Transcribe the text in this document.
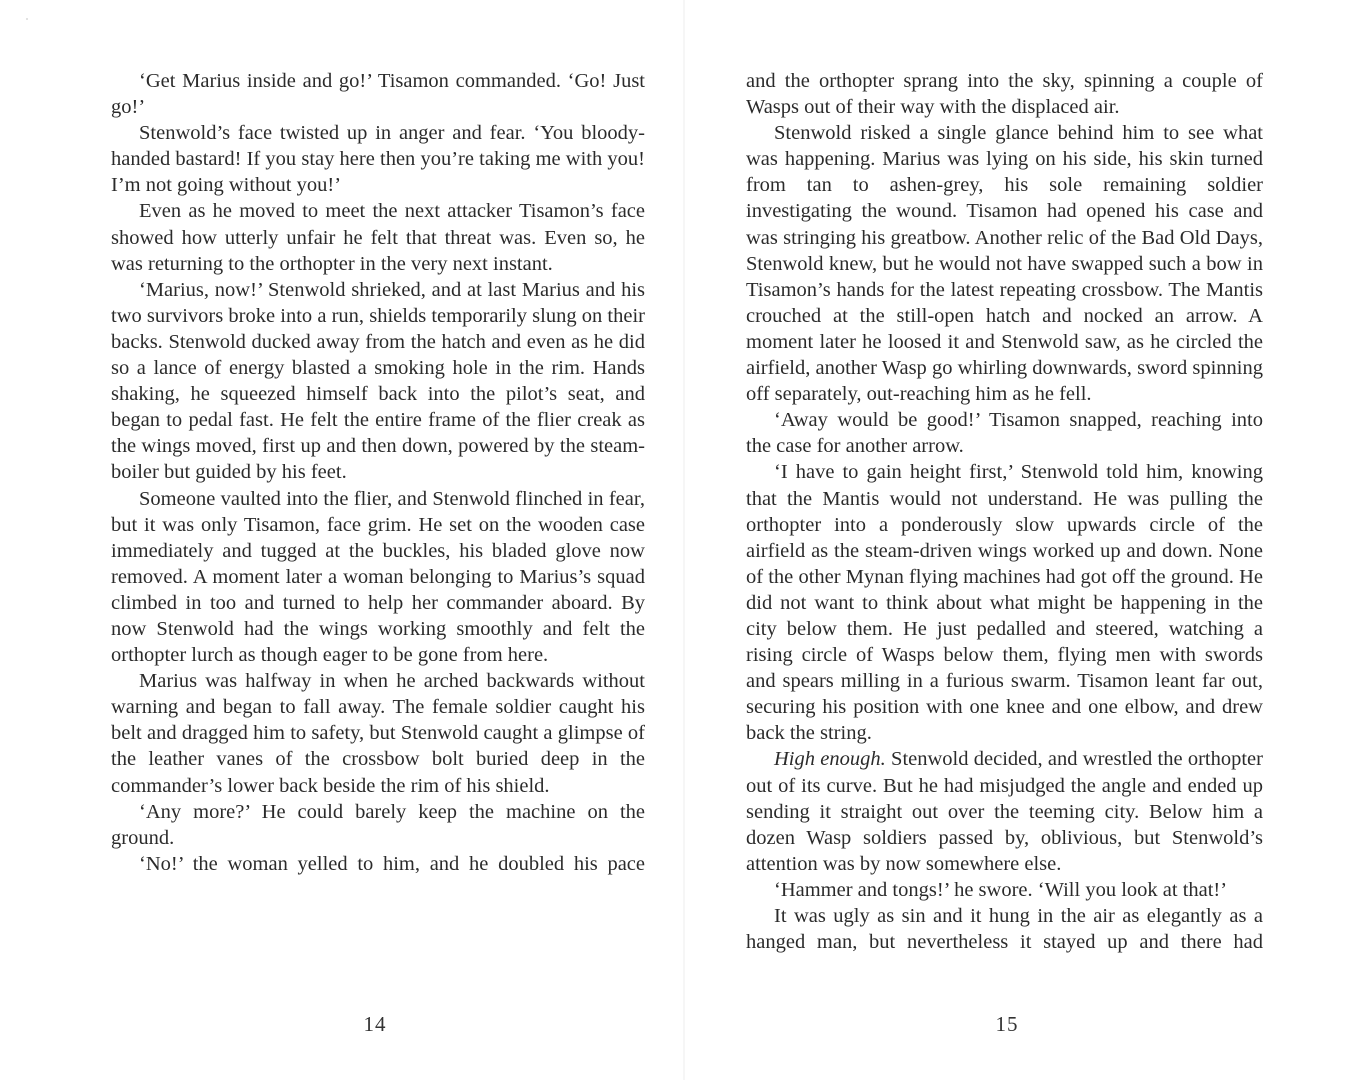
‘Get Marius inside and go!’ Tisamon commanded. ‘Go! Just go!’

Stenwold’s face twisted up in anger and fear. ‘You bloody-handed bastard! If you stay here then you’re taking me with you! I’m not going without you!’

Even as he moved to meet the next attacker Tisamon’s face showed how utterly unfair he felt that threat was. Even so, he was returning to the orthopter in the very next instant.

‘Marius, now!’ Stenwold shrieked, and at last Marius and his two survivors broke into a run, shields temporarily slung on their backs. Stenwold ducked away from the hatch and even as he did so a lance of energy blasted a smoking hole in the rim. Hands shaking, he squeezed himself back into the pilot’s seat, and began to pedal fast. He felt the entire frame of the flier creak as the wings moved, first up and then down, powered by the steam-boiler but guided by his feet.

Someone vaulted into the flier, and Stenwold flinched in fear, but it was only Tisamon, face grim. He set on the wooden case immediately and tugged at the buckles, his bladed glove now removed. A moment later a woman belonging to Marius’s squad climbed in too and turned to help her commander aboard. By now Stenwold had the wings working smoothly and felt the orthopter lurch as though eager to be gone from here.

Marius was halfway in when he arched backwards without warning and began to fall away. The female soldier caught his belt and dragged him to safety, but Stenwold caught a glimpse of the leather vanes of the crossbow bolt buried deep in the commander’s lower back beside the rim of his shield.

‘Any more?’ He could barely keep the machine on the ground.

‘No!’ the woman yelled to him, and he doubled his pace

14

and the orthopter sprang into the sky, spinning a couple of Wasps out of their way with the displaced air.

Stenwold risked a single glance behind him to see what was happening. Marius was lying on his side, his skin turned from tan to ashen-grey, his sole remaining soldier investigating the wound. Tisamon had opened his case and was stringing his greatbow. Another relic of the Bad Old Days, Stenwold knew, but he would not have swapped such a bow in Tisamon’s hands for the latest repeating crossbow. The Mantis crouched at the still-open hatch and nocked an arrow. A moment later he loosed it and Stenwold saw, as he circled the airfield, another Wasp go whirling downwards, sword spinning off separately, out-reaching him as he fell.

‘Away would be good!’ Tisamon snapped, reaching into the case for another arrow.

‘I have to gain height first,’ Stenwold told him, knowing that the Mantis would not understand. He was pulling the orthopter into a ponderously slow upwards circle of the airfield as the steam-driven wings worked up and down. None of the other Mynan flying machines had got off the ground. He did not want to think about what might be happening in the city below them. He just pedalled and steered, watching a rising circle of Wasps below them, flying men with swords and spears milling in a furious swarm. Tisamon leant far out, securing his position with one knee and one elbow, and drew back the string.

High enough. Stenwold decided, and wrestled the orthopter out of its curve. But he had misjudged the angle and ended up sending it straight out over the teeming city. Below him a dozen Wasp soldiers passed by, oblivious, but Stenwold’s attention was by now somewhere else.

‘Hammer and tongs!’ he swore. ‘Will you look at that!’

It was ugly as sin and it hung in the air as elegantly as a hanged man, but nevertheless it stayed up and there had

15
